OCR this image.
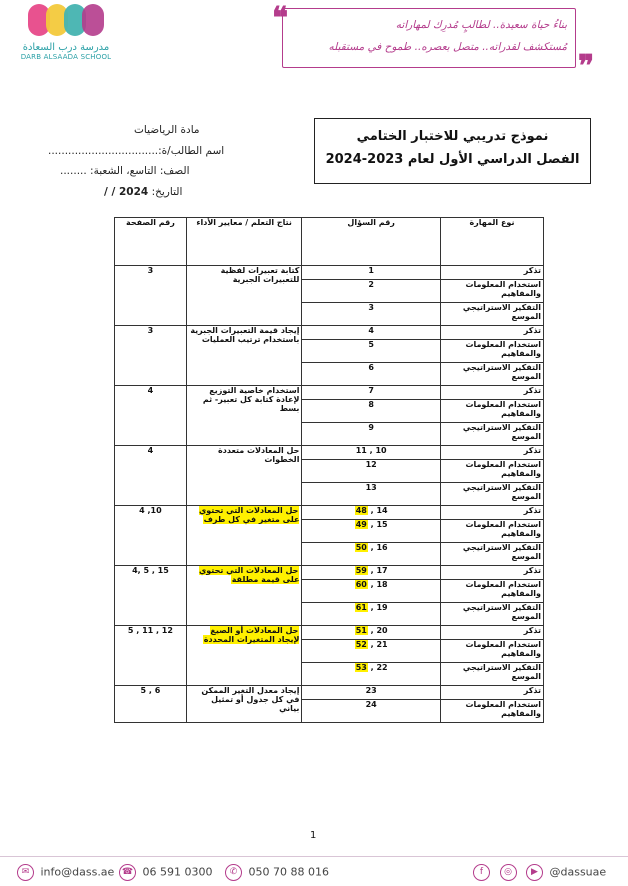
مدرسة درب السعادة
DARB ALSAADA SCHOOL
❝	بناءُ حياة سعيدة.. لطالبٍ مُدرِك لمهاراته
مُستكشف لقدراته.. متصل بعصره.. طموح في مستقبله
❞
مادة الرياضيات
اسم الطالب/ة:.................................
الصف: التاسع، الشعبة: ........
التاريخ: / / 2024
نموذج تدريبي للاختبار الختامي
الفصل الدراسي الأول لعام 2023-2024
نوع المهارة	رقم السؤال	نتاج التعلم / معايير الأداء	رقم الصفحة
تذكر	1	كتابة تعبيرات لفظية للتعبيرات الجبرية	3
استخدام المعلومات والمفاهيم	2		
التفكير الاستراتيجي الموسع	3		
تذكر	4	إيجاد قيمة التعبيرات الجبرية باستخدام ترتيب العمليات	3
استخدام المعلومات والمفاهيم	5		
التفكير الاستراتيجي الموسع	6		
تذكر	7	استخدام خاصية التوزيع لإعادة كتابة كل تعبير- ثم بسط	4
استخدام المعلومات والمفاهيم	8		
التفكير الاستراتيجي الموسع	9		
تذكر	10 , 11	حل المعادلات متعددة الخطوات	4
استخدام المعلومات والمفاهيم	12		
التفكير الاستراتيجي الموسع	13		
تذكر	14 , 48	حل المعادلات التي تحتوي على متغير في كل طرف	4 ,10
استخدام المعلومات والمفاهيم	15 , 49		
التفكير الاستراتيجي الموسع	16 , 50		
تذكر	17 , 59	حل المعادلات التي تحتوي على قيمة مطلقة	4, 5 , 15
استخدام المعلومات والمفاهيم	18 , 60		
التفكير الاستراتيجي الموسع	19 , 61		
تذكر	20 , 51	حل المعادلات أو الصيغ لإيجاد المتغيرات المحددة	5 , 11 , 12
استخدام المعلومات والمفاهيم	21 , 52		
التفكير الاستراتيجي الموسع	22 , 53		
تذكر	23	إيجاد معدل التغير الممكن في كل جدول أو تمثيل بياني	5 , 6
استخدام المعلومات والمفاهيم	24		
1
✉ info@dass.ae ☎ 06 591 0300	✆ 050 70 88 016	f ◎ ▶ @dassuae
